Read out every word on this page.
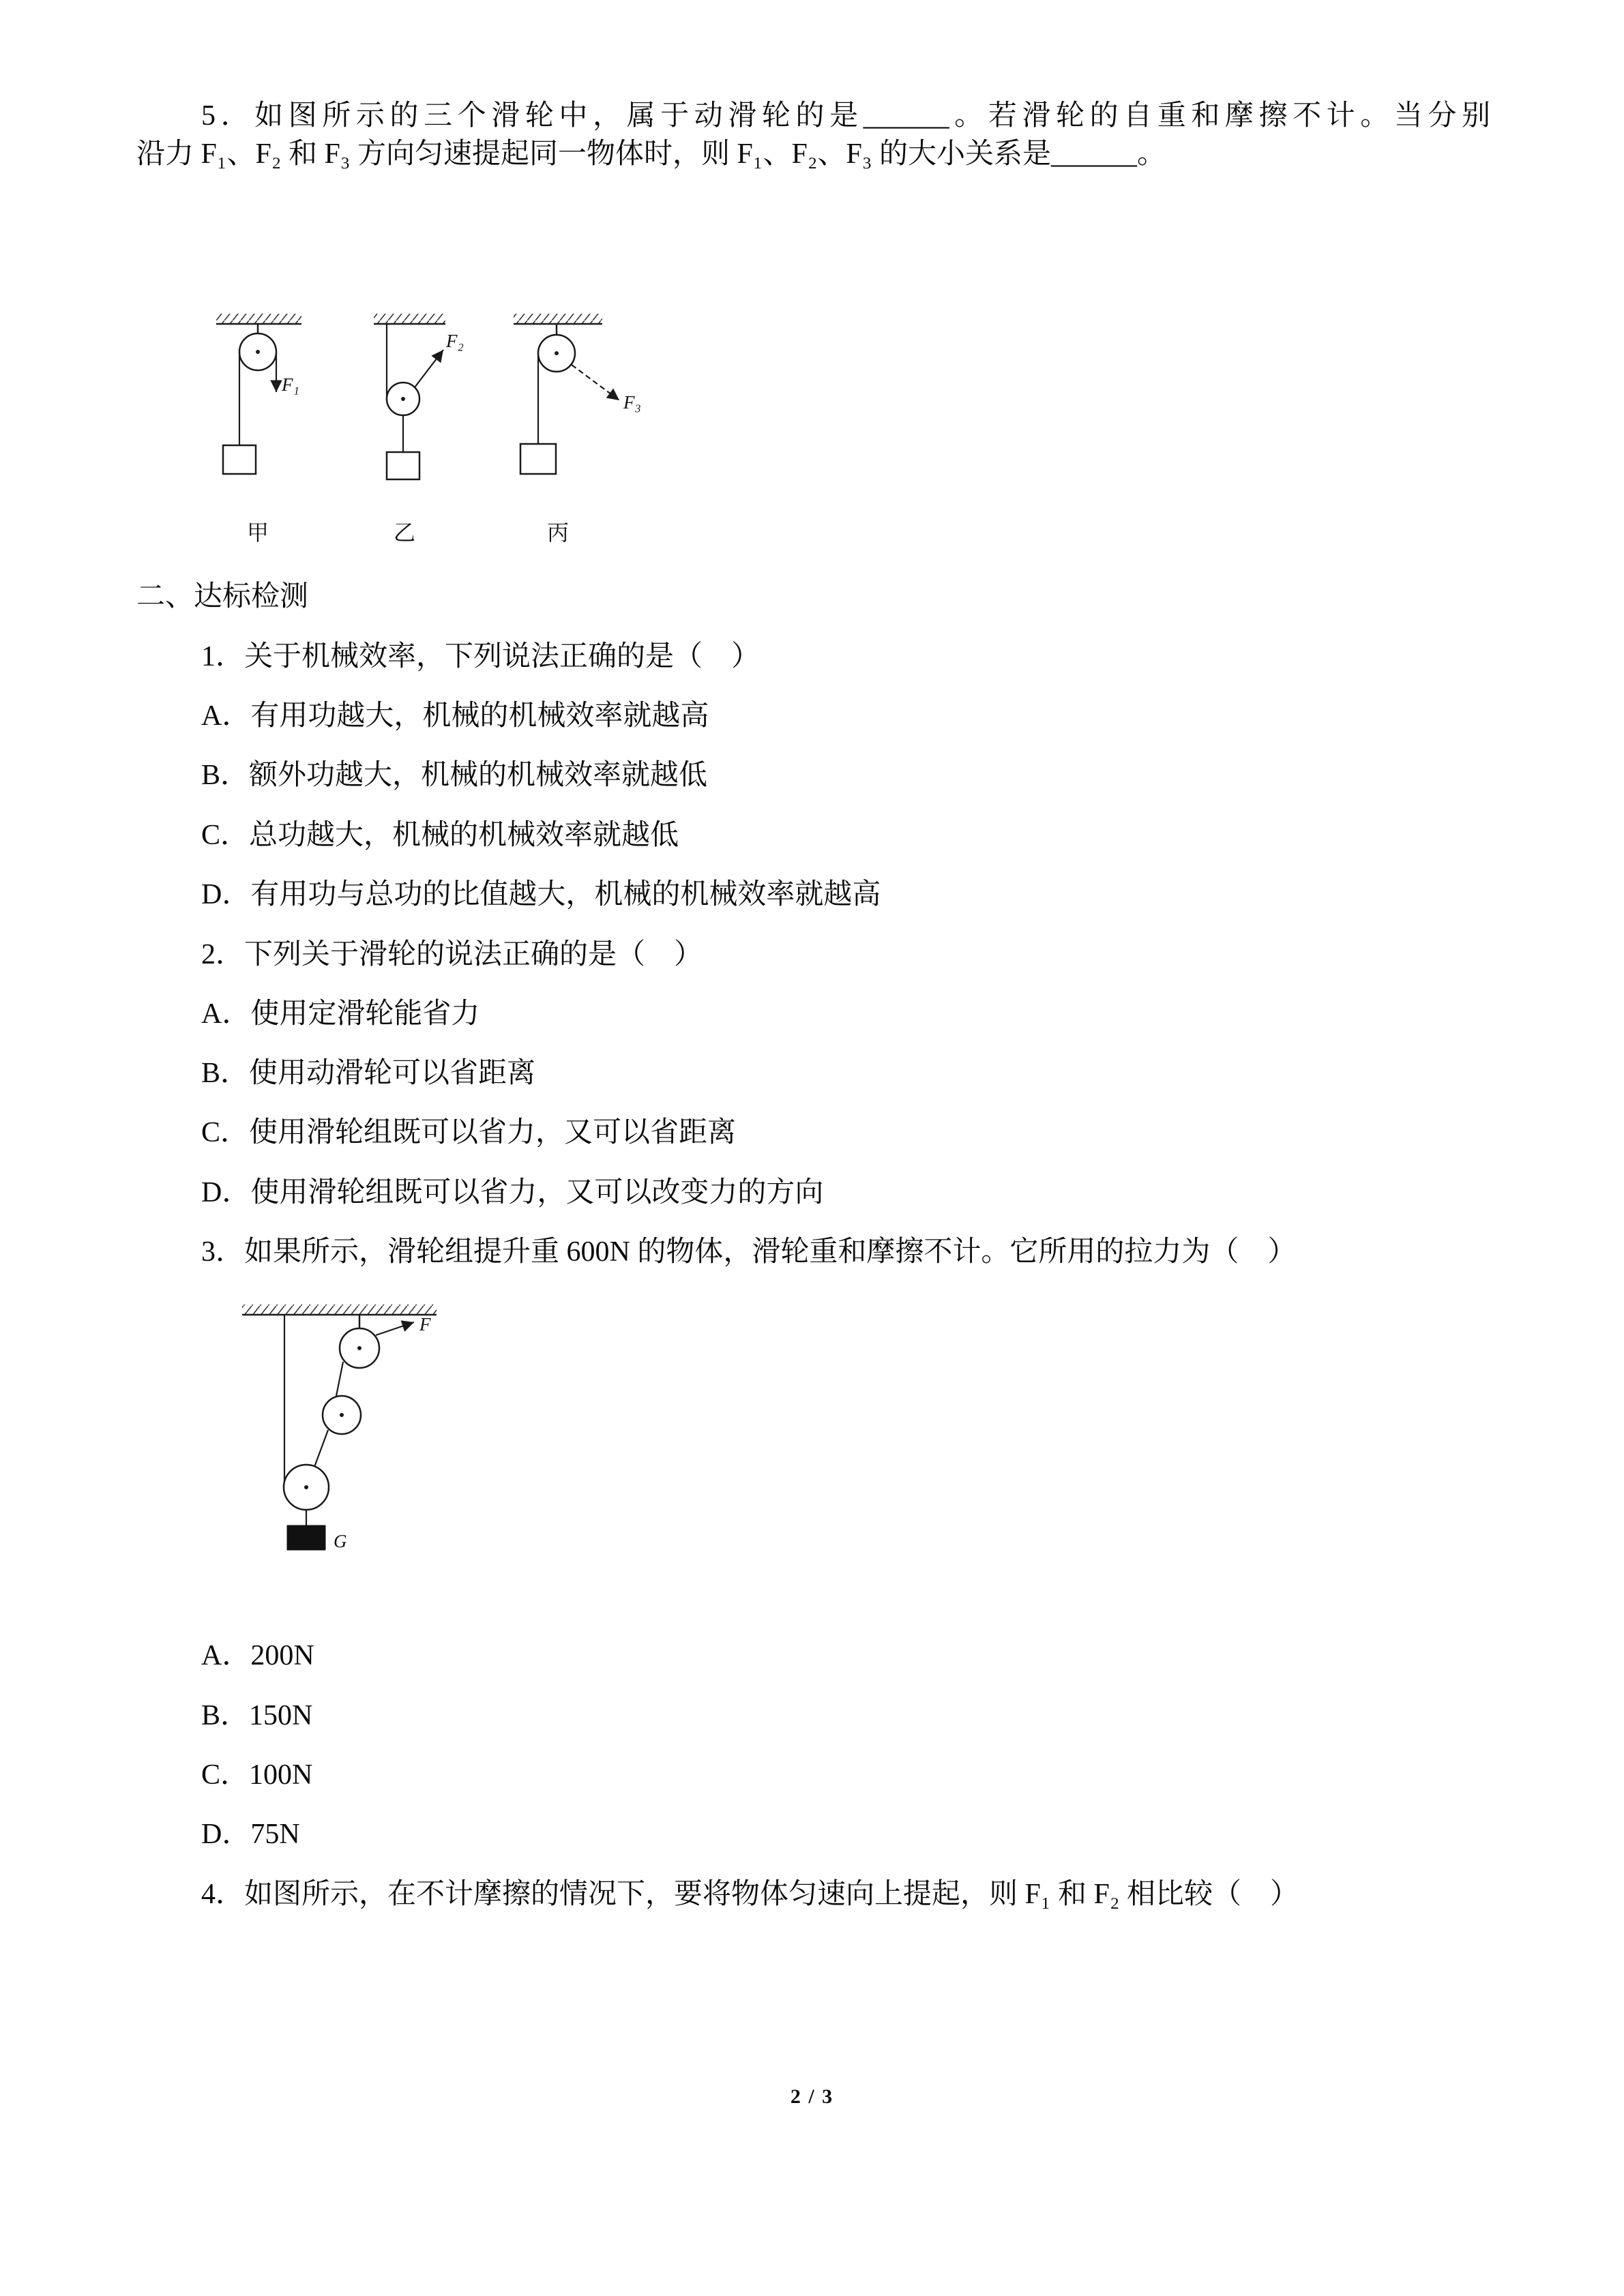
5．如图所示的三个滑轮中，属于动滑轮的是______。若滑轮的自重和摩擦不计。当分别
沿力 F₁、F₂ 和 F₃ 方向匀速提起同一物体时，则 F₁、F₂、F₃ 的大小关系是______。
F₁
甲
F₂
乙
F₃
丙
二、达标检测
1．关于机械效率，下列说法正确的是（　）
A．有用功越大，机械的机械效率就越高
B．额外功越大，机械的机械效率就越低
C．总功越大，机械的机械效率就越低
D．有用功与总功的比值越大，机械的机械效率就越高
2．下列关于滑轮的说法正确的是（　）
A．使用定滑轮能省力
B．使用动滑轮可以省距离
C．使用滑轮组既可以省力，又可以省距离
D．使用滑轮组既可以省力，又可以改变力的方向
3．如果所示，滑轮组提升重 600N 的物体，滑轮重和摩擦不计。它所用的拉力为（　）
F
G
A．200N
B．150N
C．100N
D．75N
4．如图所示，在不计摩擦的情况下，要将物体匀速向上提起，则 F₁ 和 F₂ 相比较（　）
2 / 3
